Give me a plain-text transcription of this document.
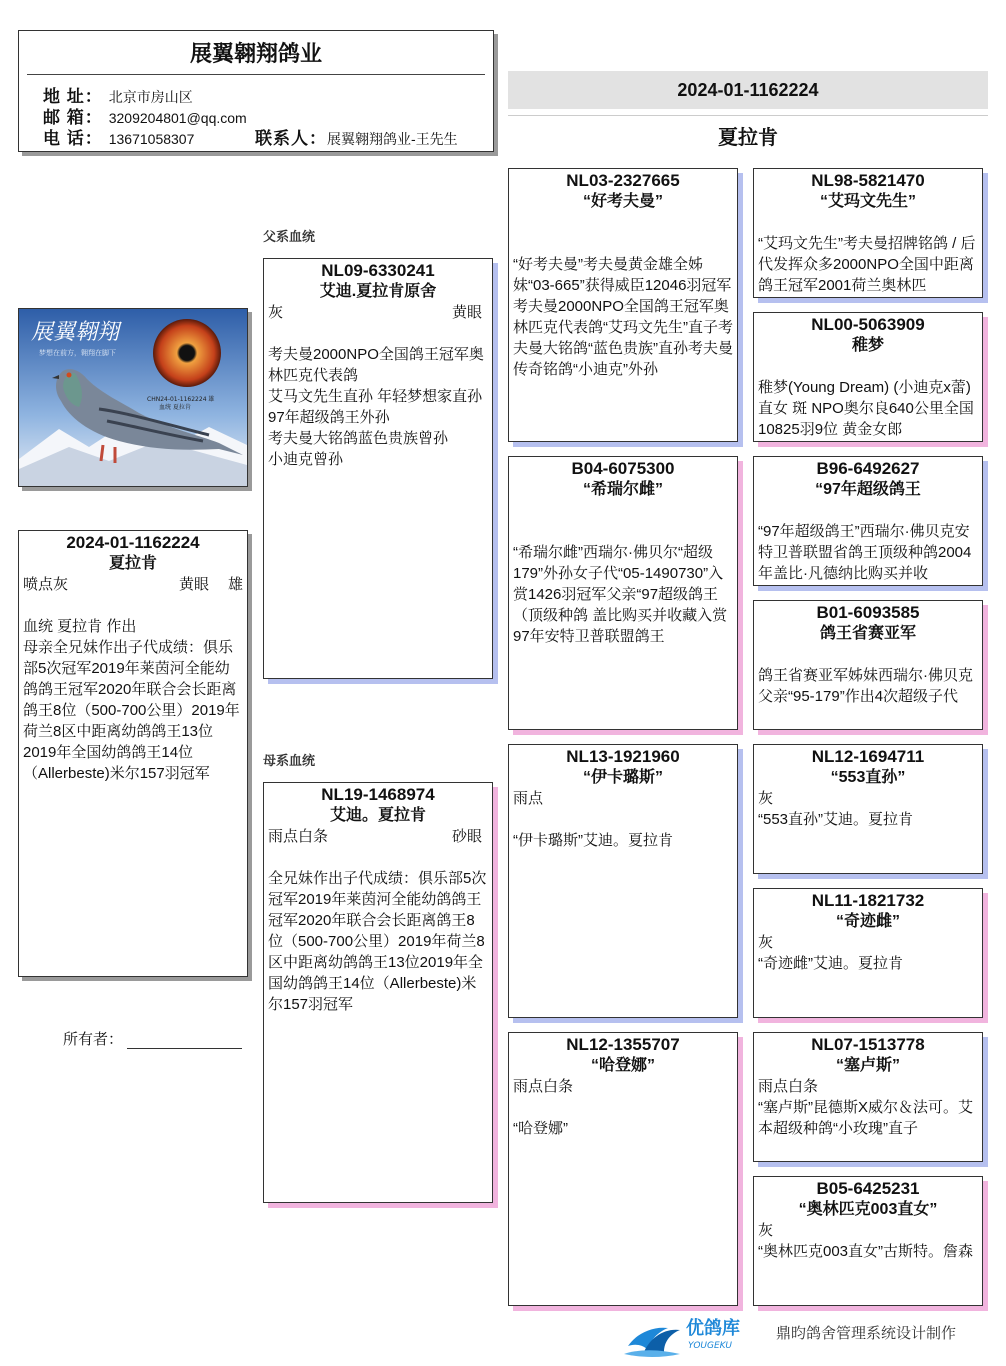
展翼翱翔鸽业
地 址： 北京市房山区
邮 箱： 3209204801@qq.com
电 话： 13671058307	联系人：展翼翱翔鸽业-王先生
2024-01-1162224
夏拉肯
父系血统
母系血统
展翼翱翔
梦想在前方，翱翔在脚下
CHN24-01-1162224 雄
血统 夏拉肯
2024-01-1162224
夏拉肯
喷点灰	黄眼 雄
血统 夏拉肯 作出
母亲全兄妹作出子代成绩：俱乐部5次冠军2019年莱茵河全能幼鸽鸽王冠军2020年联合会长距离鸽王8位（500-700公里）2019年荷兰8区中距离幼鸽鸽王13位2019年全国幼鸽鸽王14位（Allerbeste)米尔157羽冠军
所有者：
NL09-6330241
艾迪.夏拉肯原舍
灰	黄眼
考夫曼2000NPO全国鸽王冠军奥林匹克代表鸽
艾马文先生直孙 年轻梦想家直孙
97年超级鸽王外孙
考夫曼大铭鸽蓝色贵族曾孙
小迪克曾孙
NL19-1468974
艾迪。夏拉肯
雨点白条	砂眼
全兄妹作出子代成绩：俱乐部5次冠军2019年莱茵河全能幼鸽鸽王冠军2020年联合会长距离鸽王8位（500-700公里）2019年荷兰8区中距离幼鸽鸽王13位2019年全国幼鸽鸽王14位（Allerbeste)米尔157羽冠军
NL03-2327665
“好考夫曼”
“好考夫曼”考夫曼黄金雄全姊妹“03-665”获得威臣12046羽冠军考夫曼2000NPO全国鸽王冠军奥林匹克代表鸽“艾玛文先生”直子考夫曼大铭鸽“蓝色贵族”直孙考夫曼传奇铭鸽“小迪克”外孙
B04-6075300
“希瑞尔雌”
“希瑞尔雌”西瑞尔·佛贝尔“超级179”外孙女子代“05-1490730”入赏1426羽冠军父亲“97超级鸽王（顶级种鸽 盖比购买并收藏入赏97年安特卫普联盟鸽王
NL13-1921960
“伊卡璐斯”
雨点
“伊卡璐斯”艾迪。夏拉肯
NL12-1355707
“哈登娜”
雨点白条
“哈登娜”
NL98-5821470
“艾玛文先生”
“艾玛文先生”考夫曼招牌铭鸽 / 后代发挥众多2000NPO全国中距离鸽王冠军2001荷兰奥林匹
NL00-5063909
稚梦
稚梦(Young Dream) (小迪克x蕾)直女 斑 NPO奥尔良640公里全国10825羽9位 黄金女郎
B96-6492627
“97年超级鸽王
“97年超级鸽王”西瑞尔·佛贝克安特卫普联盟省鸽王顶级种鸽2004年盖比·凡德纳比购买并收
B01-6093585
鸽王省赛亚军
鸽王省赛亚军姊妹西瑞尔·佛贝克父亲“95-179”作出4次超级子代
NL12-1694711
“553直孙”
灰
“553直孙”艾迪。夏拉肯
NL11-1821732
“奇迹雌”
灰
“奇迹雌”艾迪。夏拉肯
NL07-1513778
“塞卢斯”
雨点白条
“塞卢斯”昆德斯X威尔＆法可。艾本超级种鸽“小玫瑰”直子
B05-6425231
“奥林匹克003直女”
灰
“奥林匹克003直女”古斯特。詹森
优鸽库
YOUGEKU
鼎昀鸽舍管理系统设计制作
